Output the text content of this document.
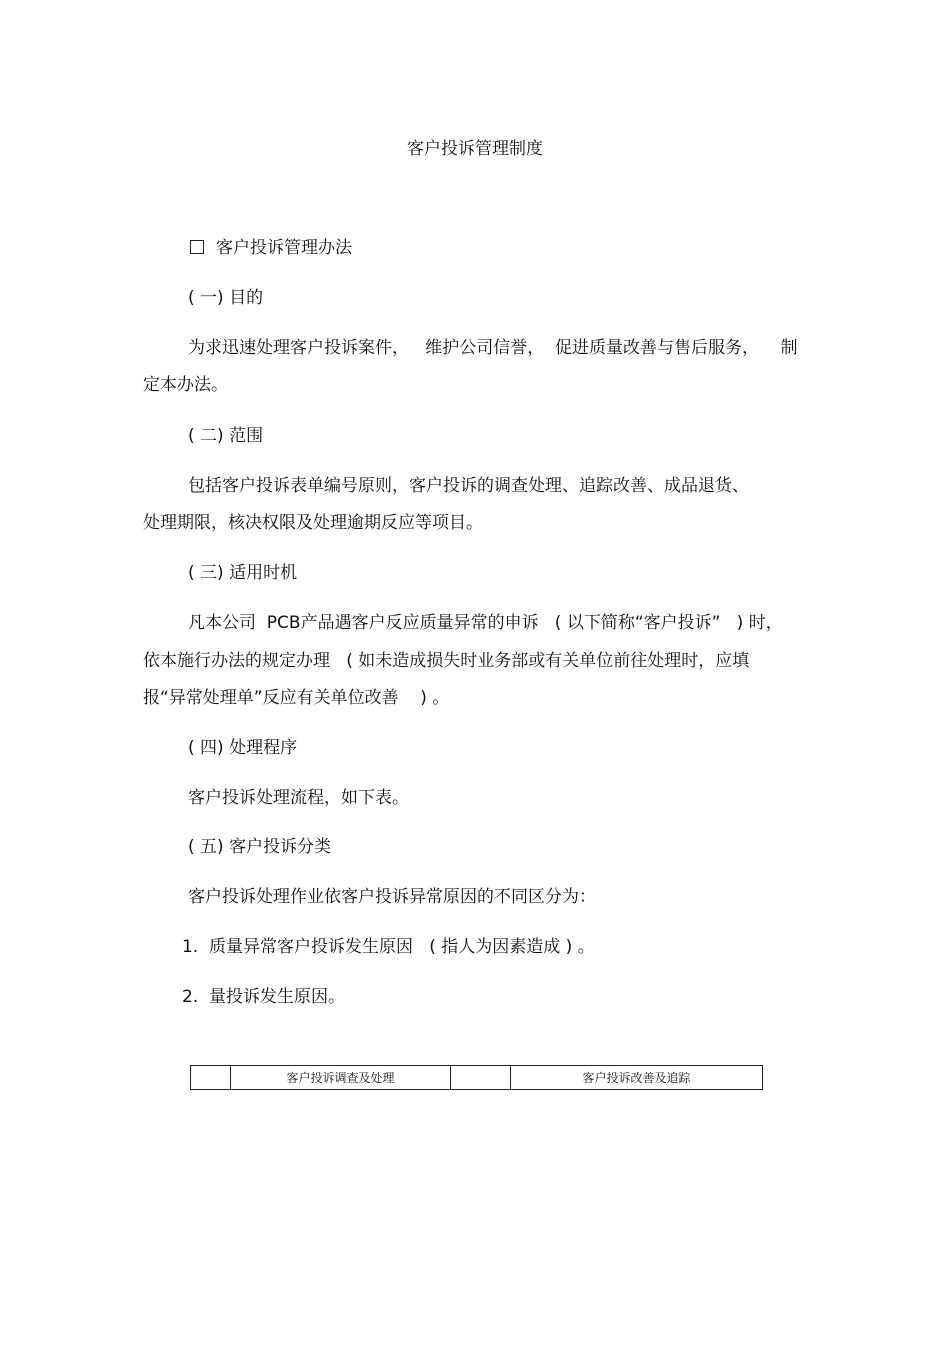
客户投诉管理制度
客户投诉管理办法
( 一) 目的
为求迅速处理客户投诉案件，   维护公司信誉，  促进质量改善与售后服务，    制
定本办法。
( 二) 范围
包括客户投诉表单编号原则，客户投诉的调查处理、追踪改善、成品退货、
处理期限，核决权限及处理逾期反应等项目。
( 三) 适用时机
凡本公司  PCB产品遇客户反应质量异常的申诉   ( 以下简称“客户投诉”   ) 时，
依本施行办法的规定办理   ( 如未造成损失时业务部或有关单位前往处理时，应填
报“异常处理单”反应有关单位改善    ) 。
( 四) 处理程序
客户投诉处理流程，如下表。
( 五) 客户投诉分类
客户投诉处理作业依客户投诉异常原因的不同区分为：
1.  质量异常客户投诉发生原因   ( 指人为因素造成 ) 。
2.  量投诉发生原因。
	客户投诉调查及处理		客户投诉改善及追踪
